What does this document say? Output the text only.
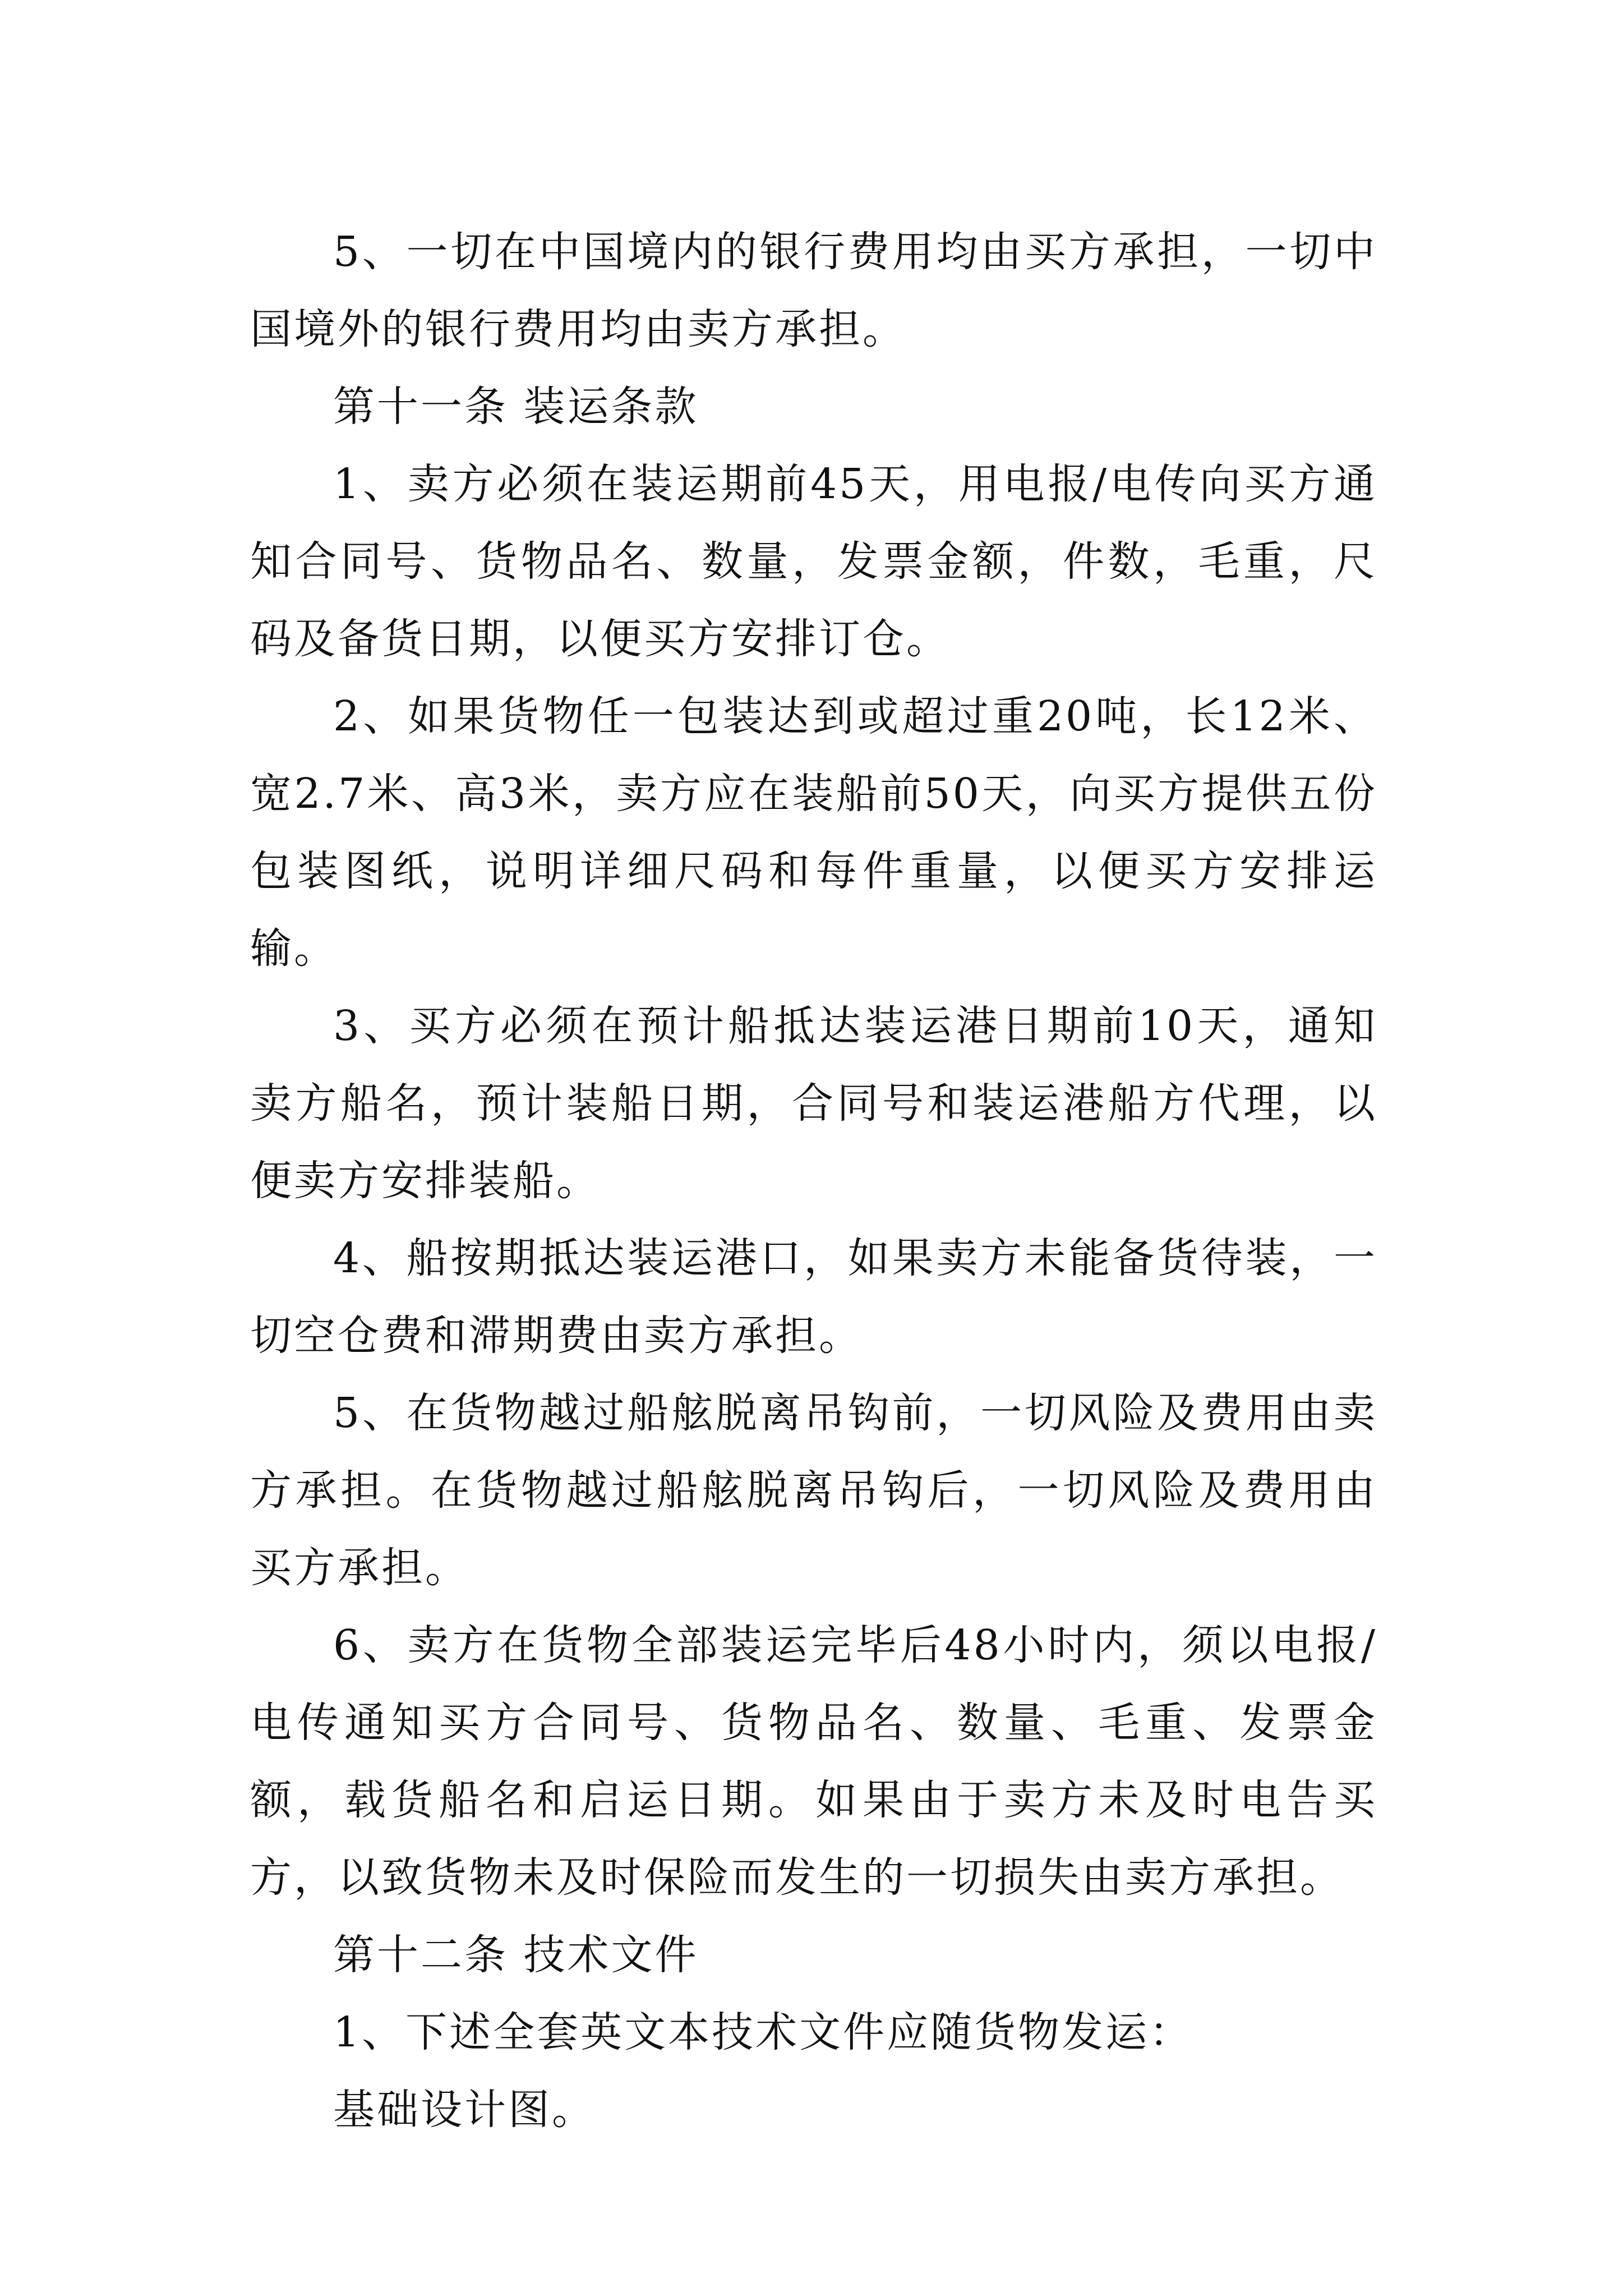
5、一切在中国境内的银行费用均由买方承担，一切中国境外的银行费用均由卖方承担。

第十一条 装运条款

1、卖方必须在装运期前45天，用电报/电传向买方通知合同号、货物品名、数量，发票金额，件数，毛重，尺码及备货日期，以便买方安排订仓。

2、如果货物任一包装达到或超过重20吨，长12米、宽2.7米、高3米，卖方应在装船前50天，向买方提供五份包装图纸，说明详细尺码和每件重量，以便买方安排运输。

3、买方必须在预计船抵达装运港日期前10天，通知卖方船名，预计装船日期，合同号和装运港船方代理，以便卖方安排装船。

4、船按期抵达装运港口，如果卖方未能备货待装，一切空仓费和滞期费由卖方承担。

5、在货物越过船舷脱离吊钩前，一切风险及费用由卖方承担。在货物越过船舷脱离吊钩后，一切风险及费用由买方承担。

6、卖方在货物全部装运完毕后48小时内，须以电报/电传通知买方合同号、货物品名、数量、毛重、发票金额，载货船名和启运日期。如果由于卖方未及时电告买方，以致货物未及时保险而发生的一切损失由卖方承担。

第十二条 技术文件

1、下述全套英文本技术文件应随货物发运：

基础设计图。
